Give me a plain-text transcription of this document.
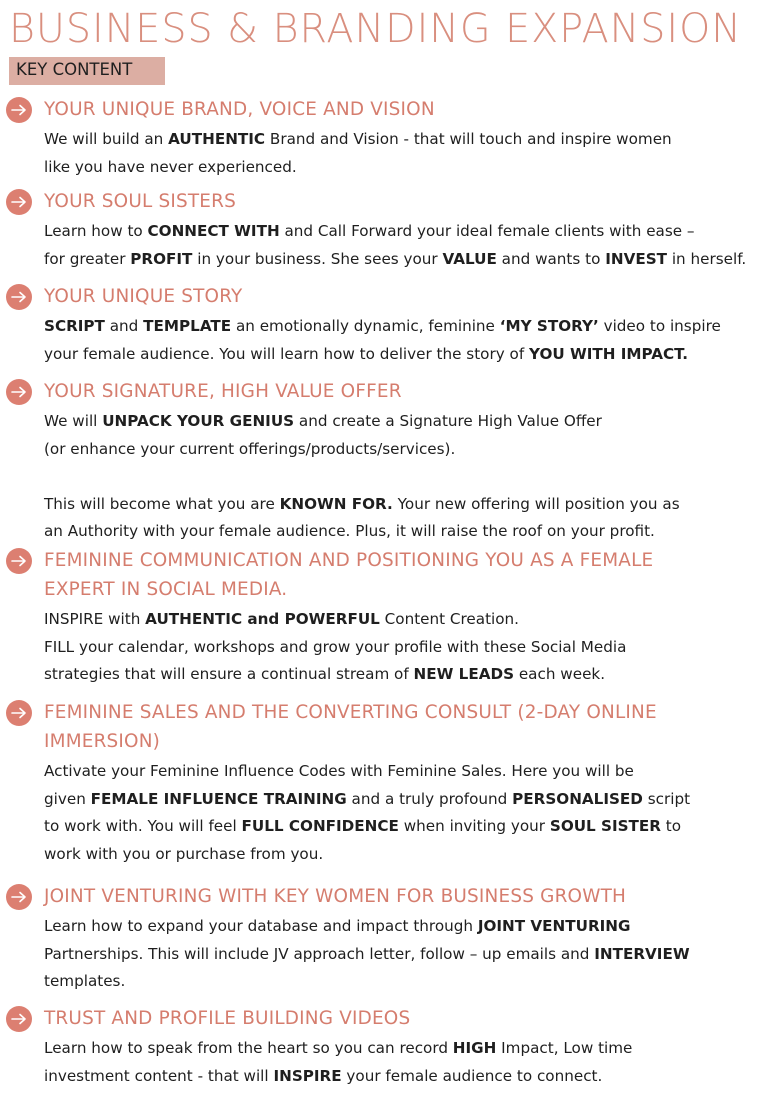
BUSINESS & BRANDING EXPANSION
KEY CONTENT
YOUR UNIQUE BRAND, VOICE AND VISION
We will build an AUTHENTIC Brand and Vision - that will touch and inspire women
like you have never experienced.
YOUR SOUL SISTERS
Learn how to CONNECT WITH and Call Forward your ideal female clients with ease –
for greater PROFIT in your business. She sees your VALUE and wants to INVEST in herself.
YOUR UNIQUE STORY
SCRIPT and TEMPLATE an emotionally dynamic, feminine ‘MY STORY’ video to inspire
your female audience. You will learn how to deliver the story of YOU WITH IMPACT.
YOUR SIGNATURE, HIGH VALUE OFFER
We will UNPACK YOUR GENIUS and create a Signature High Value Offer
(or enhance your current offerings/products/services).
This will become what you are KNOWN FOR. Your new offering will position you as
an Authority with your female audience. Plus, it will raise the roof on your profit.
FEMININE COMMUNICATION AND POSITIONING YOU AS A FEMALE
EXPERT IN SOCIAL MEDIA.
INSPIRE with AUTHENTIC and POWERFUL Content Creation.
FILL your calendar, workshops and grow your profile with these Social Media
strategies that will ensure a continual stream of NEW LEADS each week.
FEMININE SALES AND THE CONVERTING CONSULT (2-DAY ONLINE
IMMERSION)
Activate your Feminine Influence Codes with Feminine Sales. Here you will be
given FEMALE INFLUENCE TRAINING and a truly profound PERSONALISED script
to work with. You will feel FULL CONFIDENCE when inviting your SOUL SISTER to
work with you or purchase from you.
JOINT VENTURING WITH KEY WOMEN FOR BUSINESS GROWTH
Learn how to expand your database and impact through JOINT VENTURING
Partnerships. This will include JV approach letter, follow – up emails and INTERVIEW
templates.
TRUST AND PROFILE BUILDING VIDEOS
Learn how to speak from the heart so you can record HIGH Impact, Low time
investment content - that will INSPIRE your female audience to connect.
